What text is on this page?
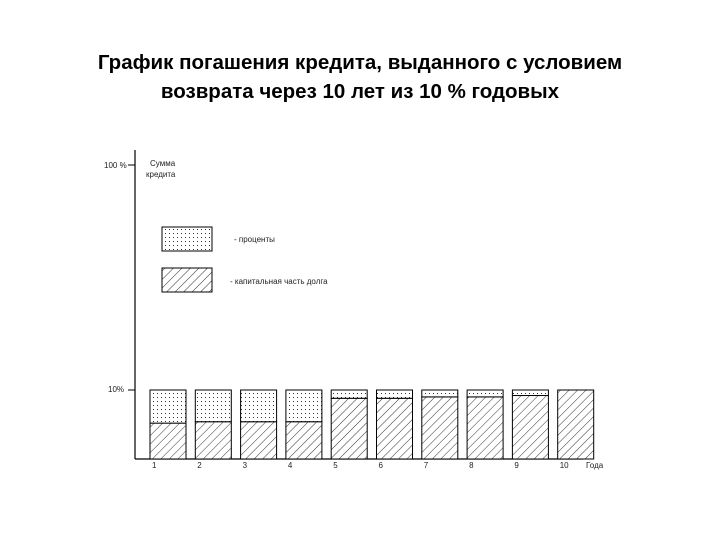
График погашения кредита, выданного с условием
возврата через 10 лет из 10 % годовых
100 %
10%
Сумма
кредита
Года
- проценты
- капитальная часть долга
1	2	3	4	5	6	7	8	9	10
